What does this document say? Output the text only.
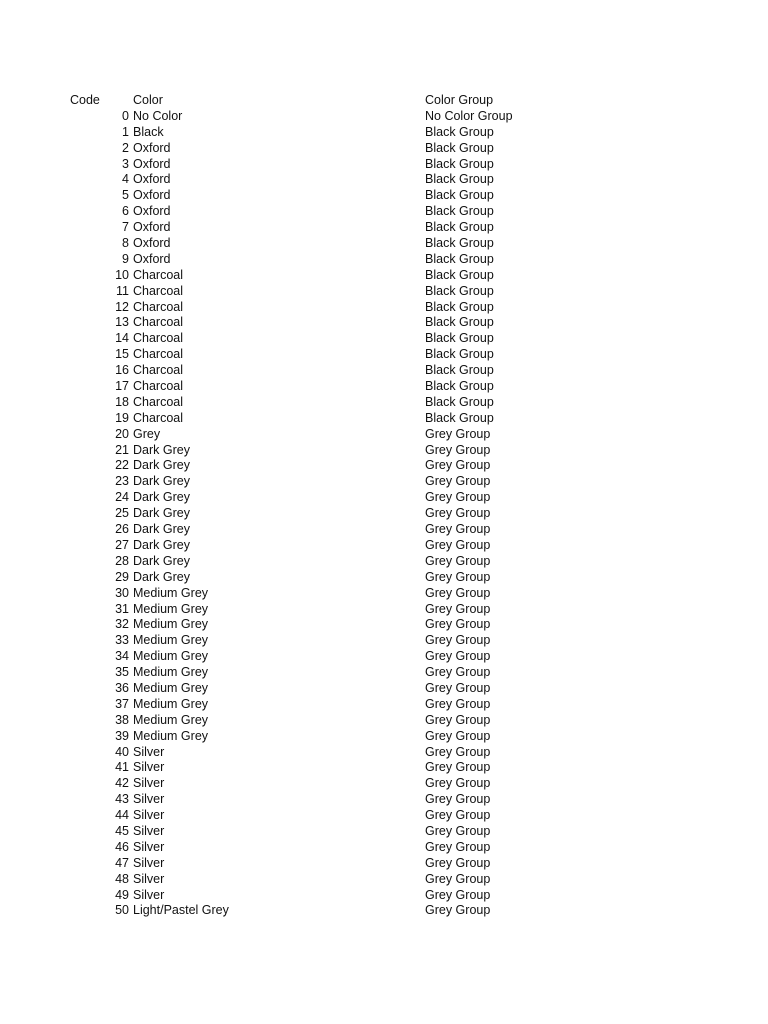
Code	Color	Color Group
0 No Color	No Color Group
1 Black	Black Group
2 Oxford	Black Group
3 Oxford	Black Group
4 Oxford	Black Group
5 Oxford	Black Group
6 Oxford	Black Group
7 Oxford	Black Group
8 Oxford	Black Group
9 Oxford	Black Group
10 Charcoal	Black Group
11 Charcoal	Black Group
12 Charcoal	Black Group
13 Charcoal	Black Group
14 Charcoal	Black Group
15 Charcoal	Black Group
16 Charcoal	Black Group
17 Charcoal	Black Group
18 Charcoal	Black Group
19 Charcoal	Black Group
20 Grey	Grey Group
21 Dark Grey	Grey Group
22 Dark Grey	Grey Group
23 Dark Grey	Grey Group
24 Dark Grey	Grey Group
25 Dark Grey	Grey Group
26 Dark Grey	Grey Group
27 Dark Grey	Grey Group
28 Dark Grey	Grey Group
29 Dark Grey	Grey Group
30 Medium Grey	Grey Group
31 Medium Grey	Grey Group
32 Medium Grey	Grey Group
33 Medium Grey	Grey Group
34 Medium Grey	Grey Group
35 Medium Grey	Grey Group
36 Medium Grey	Grey Group
37 Medium Grey	Grey Group
38 Medium Grey	Grey Group
39 Medium Grey	Grey Group
40 Silver	Grey Group
41 Silver	Grey Group
42 Silver	Grey Group
43 Silver	Grey Group
44 Silver	Grey Group
45 Silver	Grey Group
46 Silver	Grey Group
47 Silver	Grey Group
48 Silver	Grey Group
49 Silver	Grey Group
50 Light/Pastel Grey	Grey Group
